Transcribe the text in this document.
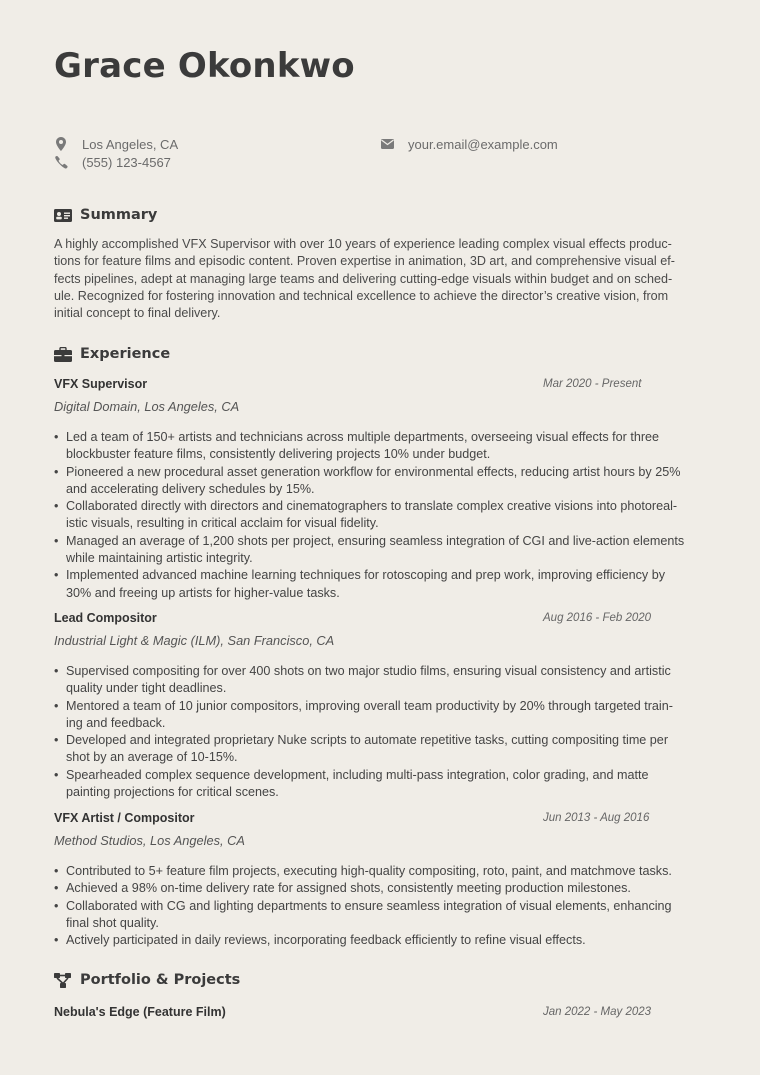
Grace Okonkwo
Los Angeles, CA
(555) 123-4567
your.email@example.com
Summary

A highly accomplished VFX Supervisor with over 10 years of experience leading complex visual effects produc-
tions for feature films and episodic content. Proven expertise in animation, 3D art, and comprehensive visual ef-
fects pipelines, adept at managing large teams and delivering cutting-edge visuals within budget and on sched-
ule. Recognized for fostering innovation and technical excellence to achieve the director’s creative vision, from
initial concept to final delivery.

Experience
VFX Supervisor	Mar 2020 - Present
Digital Domain, Los Angeles, CA
• Led a team of 150+ artists and technicians across multiple departments, overseeing visual effects for three
blockbuster feature films, consistently delivering projects 10% under budget.
• Pioneered a new procedural asset generation workflow for environmental effects, reducing artist hours by 25%
and accelerating delivery schedules by 15%.
• Collaborated directly with directors and cinematographers to translate complex creative visions into photoreal-
istic visuals, resulting in critical acclaim for visual fidelity.
• Managed an average of 1,200 shots per project, ensuring seamless integration of CGI and live-action elements
while maintaining artistic integrity.
• Implemented advanced machine learning techniques for rotoscoping and prep work, improving efficiency by
30% and freeing up artists for higher-value tasks.
Lead Compositor	Aug 2016 - Feb 2020
Industrial Light & Magic (ILM), San Francisco, CA
• Supervised compositing for over 400 shots on two major studio films, ensuring visual consistency and artistic
quality under tight deadlines.
• Mentored a team of 10 junior compositors, improving overall team productivity by 20% through targeted train-
ing and feedback.
• Developed and integrated proprietary Nuke scripts to automate repetitive tasks, cutting compositing time per
shot by an average of 10-15%.
• Spearheaded complex sequence development, including multi-pass integration, color grading, and matte
painting projections for critical scenes.
VFX Artist / Compositor	Jun 2013 - Aug 2016
Method Studios, Los Angeles, CA
• Contributed to 5+ feature film projects, executing high-quality compositing, roto, paint, and matchmove tasks.
• Achieved a 98% on-time delivery rate for assigned shots, consistently meeting production milestones.
• Collaborated with CG and lighting departments to ensure seamless integration of visual elements, enhancing
final shot quality.
• Actively participated in daily reviews, incorporating feedback efficiently to refine visual effects.
Portfolio & Projects
Nebula's Edge (Feature Film)	Jan 2022 - May 2023
